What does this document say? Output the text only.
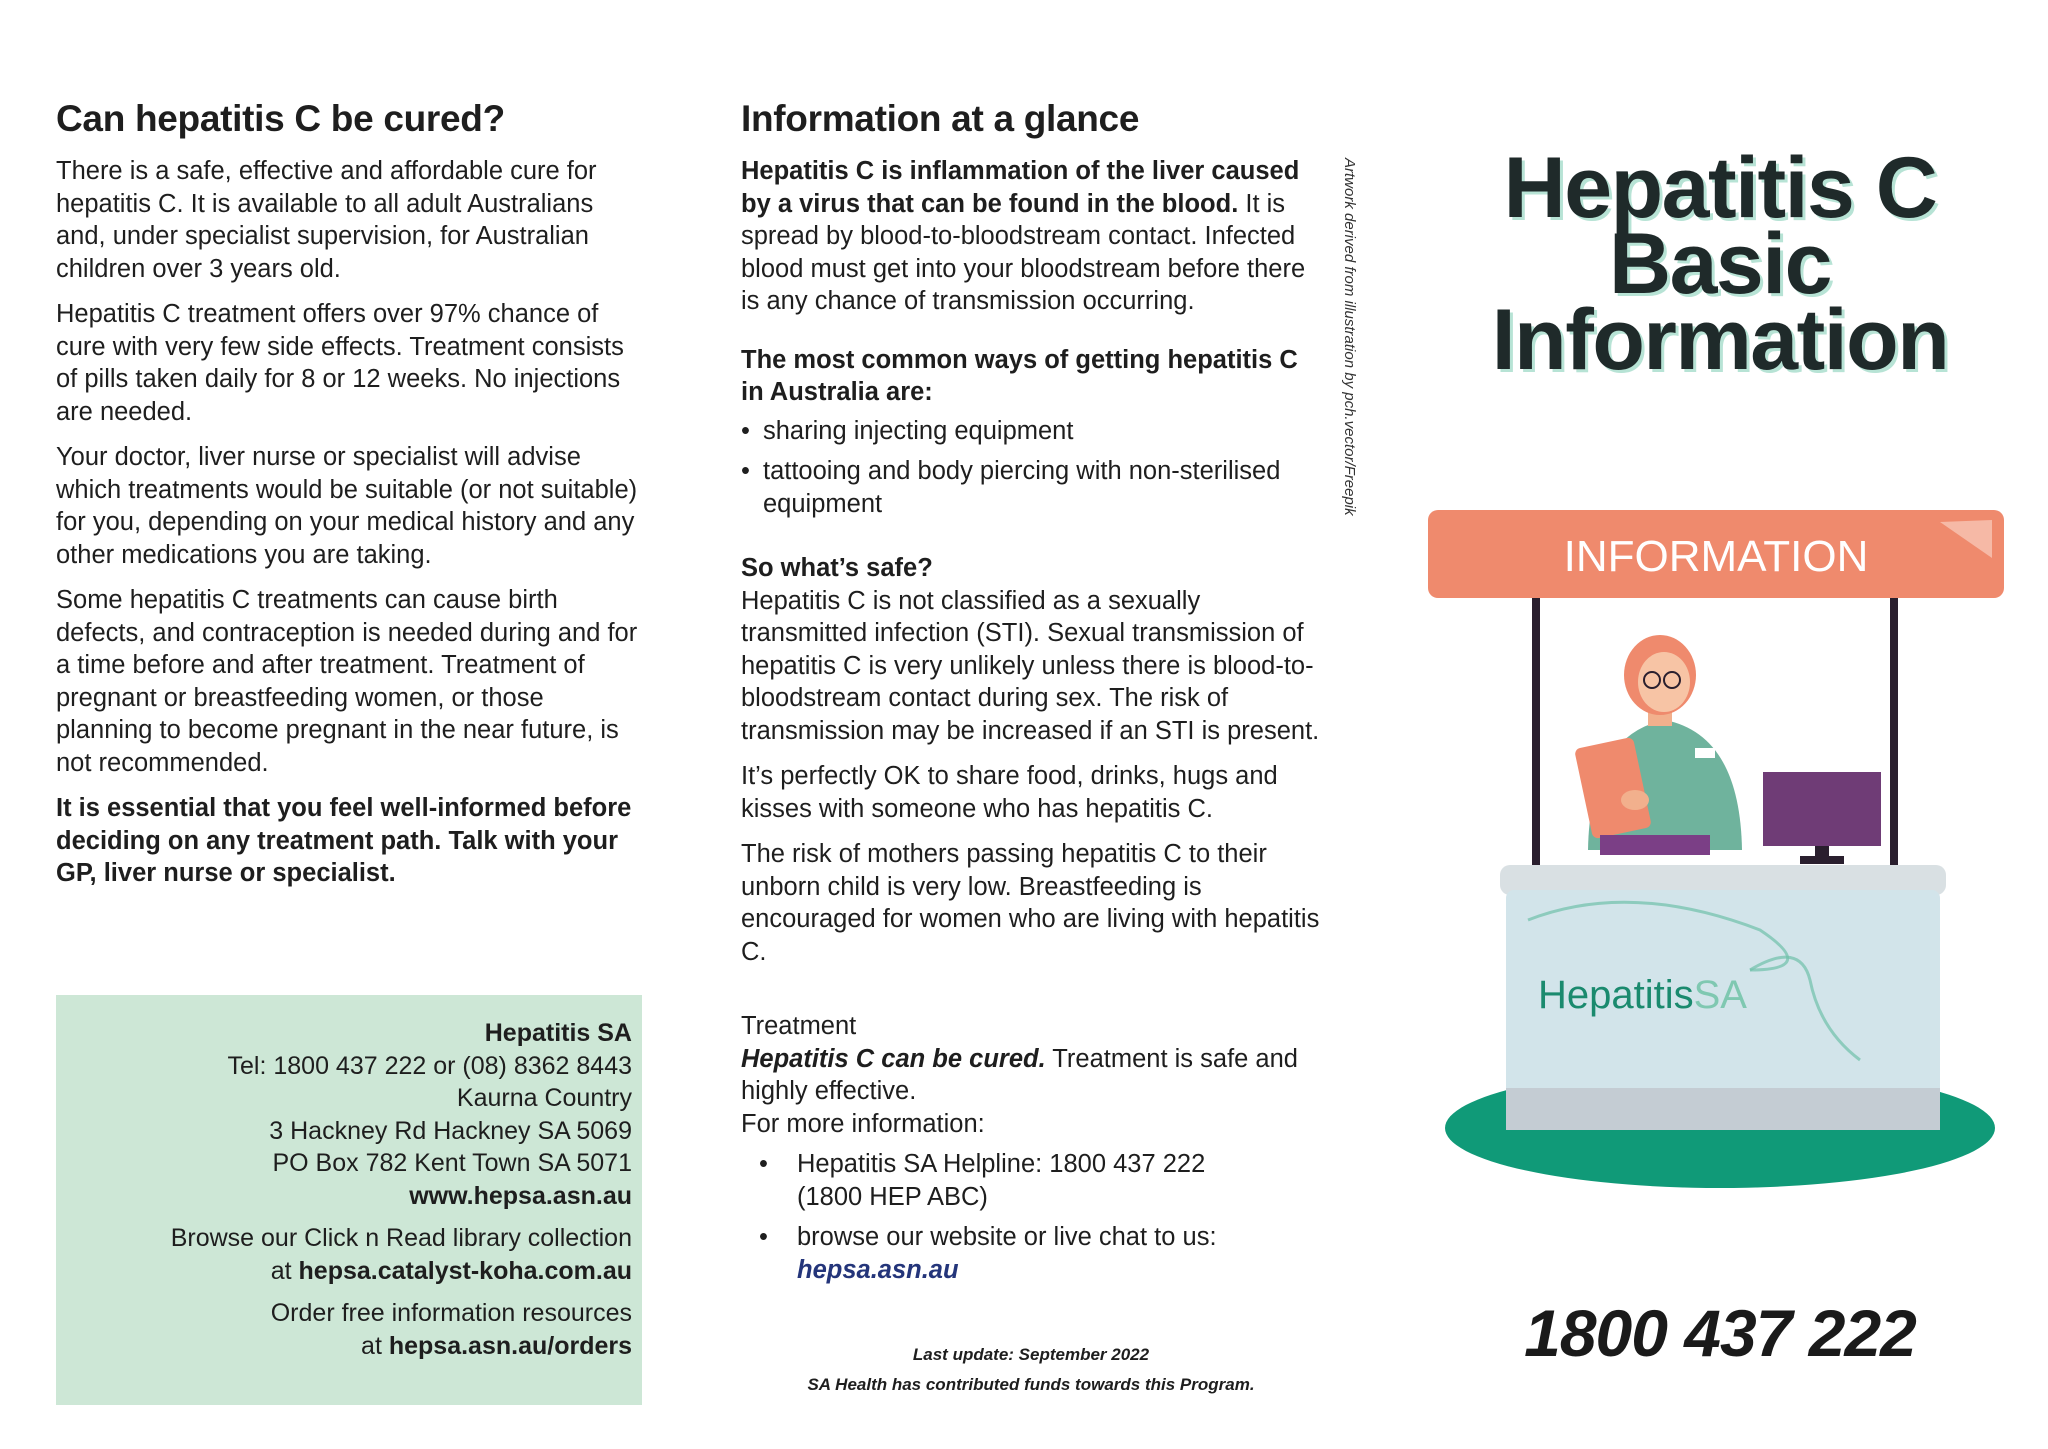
Can hepatitis C be cured?

There is a safe, effective and affordable cure for hepatitis C. It is available to all adult Australians and, under specialist supervision, for Australian children over 3 years old.

Hepatitis C treatment offers over 97% chance of cure with very few side effects. Treatment consists of pills taken daily for 8 or 12 weeks. No injections are needed.

Your doctor, liver nurse or specialist will advise which treatments would be suitable (or not suitable) for you, depending on your medical history and any other medications you are taking.

Some hepatitis C treatments can cause birth defects, and contraception is needed during and for a time before and after treatment. Treatment of pregnant or breastfeeding women, or those planning to become pregnant in the near future, is not recommended.

It is essential that you feel well-informed before deciding on any treatment path. Talk with your GP, liver nurse or specialist.

Hepatitis SA
Tel: 1800 437 222 or (08) 8362 8443
Kaurna Country
3 Hackney Rd Hackney SA 5069
PO Box 782 Kent Town SA 5071

www.hepsa.asn.au

Browse our Click n Read library collection
at hepsa.catalyst-koha.com.au

Order free information resources
at hepsa.asn.au/orders

Information at a glance

Hepatitis C is inflammation of the liver caused by a virus that can be found in the blood. It is spread by blood-to-bloodstream contact. Infected blood must get into your bloodstream before there is any chance of transmission occurring.

The most common ways of getting hepatitis C in Australia are:
• sharing injecting equipment
• tattooing and body piercing with non-sterilised equipment
So what’s safe?

Hepatitis C is not classified as a sexually transmitted infection (STI). Sexual transmission of hepatitis C is very unlikely unless there is blood-to-bloodstream contact during sex. The risk of transmission may be increased if an STI is present.

It’s perfectly OK to share food, drinks, hugs and kisses with someone who has hepatitis C.

The risk of mothers passing hepatitis C to their unborn child is very low. Breastfeeding is encouraged for women who are living with hepatitis C.

Treatment
Hepatitis C can be cured. Treatment is safe and highly effective.
For more information:
• Hepatitis SA Helpline: 1800 437 222
(1800 HEP ABC)
• browse our website or live chat to us:
hepsa.asn.au
Last update: September 2022
SA Health has contributed funds towards this Program.
Artwork derived from illustration by pch.vector/Freepik	Hepatitis C
Basic
Information
INFORMATION
HepatitisSA
1800 437 222
